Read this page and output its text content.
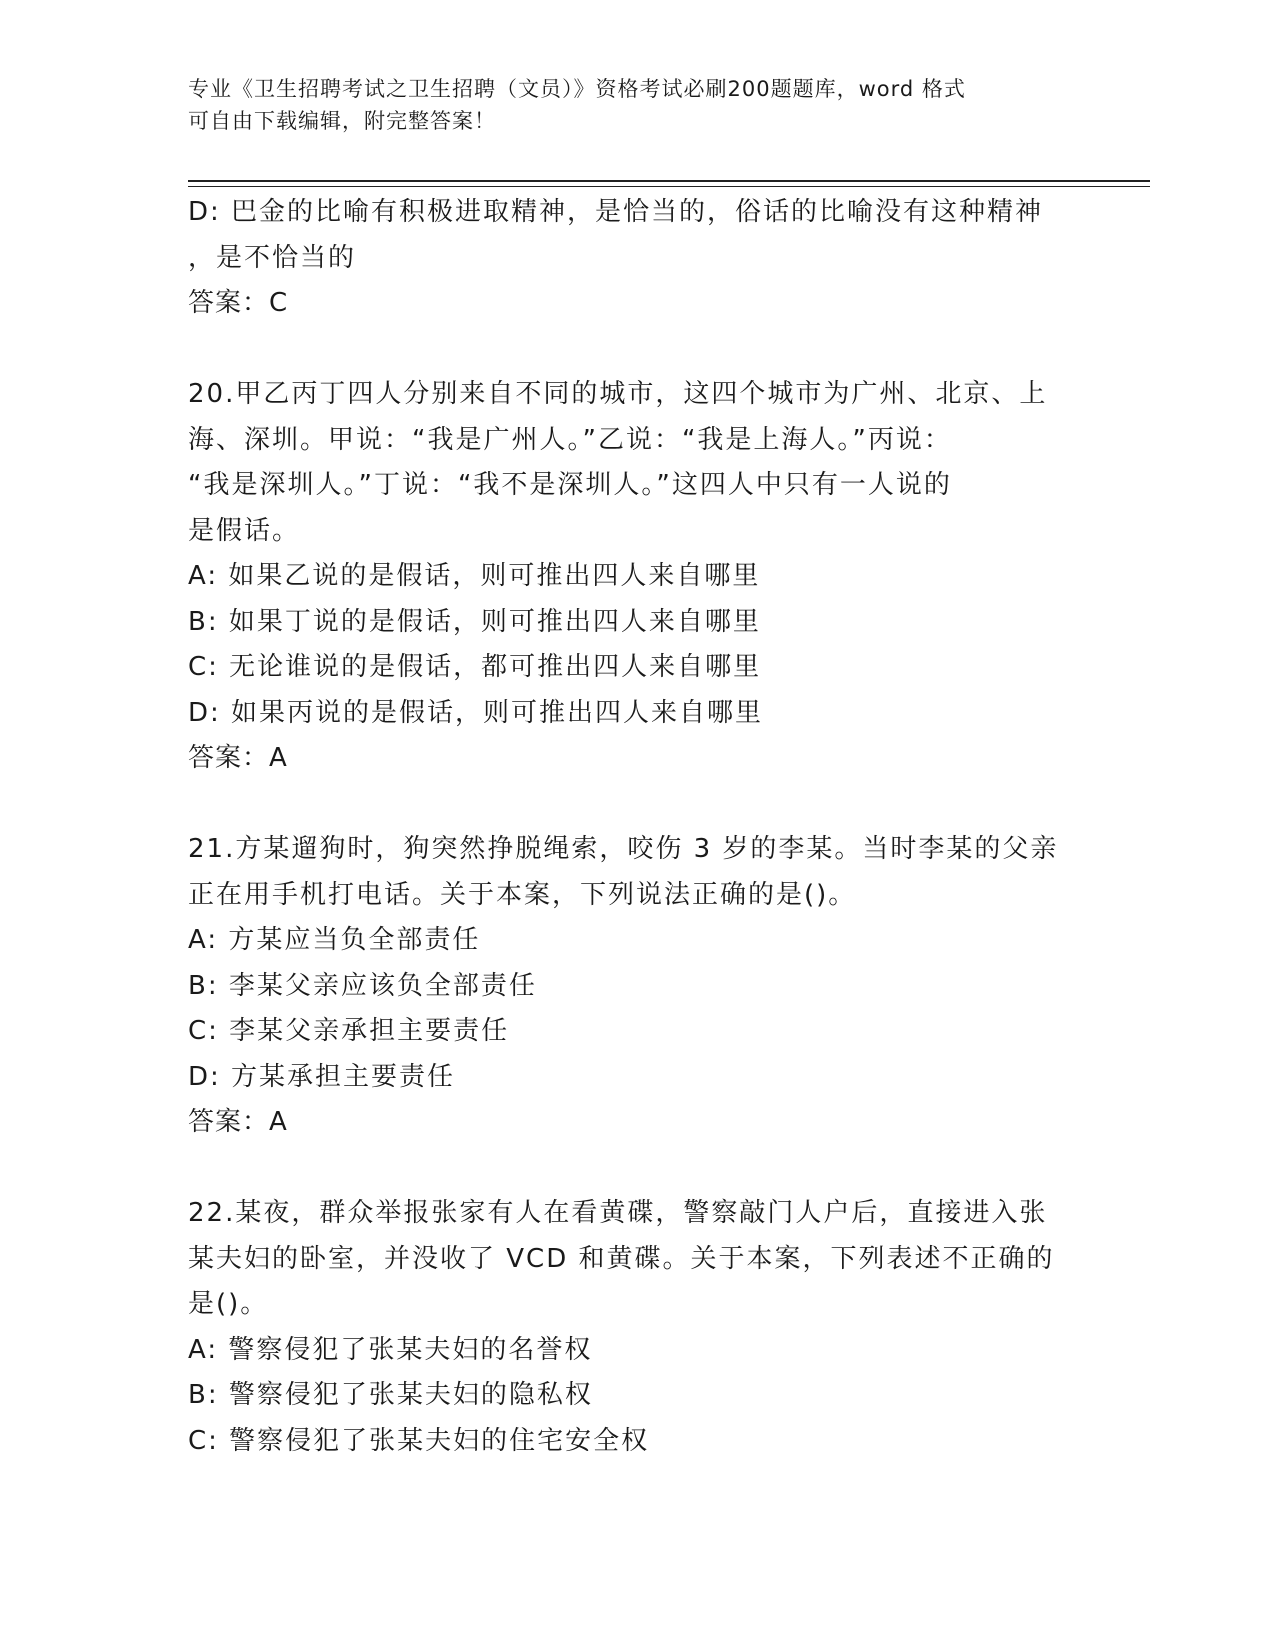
专业《卫生招聘考试之卫生招聘（文员）》资格考试必刷200题题库，word 格式
可自由下载编辑，附完整答案！
D: 巴金的比喻有积极进取精神，是恰当的，俗话的比喻没有这种精神
，是不恰当的
答案：C
20.甲乙丙丁四人分别来自不同的城市，这四个城市为广州、北京、上
海、深圳。甲说：“我是广州人。”乙说：“我是上海人。”丙说：
“我是深圳人。”丁说：“我不是深圳人。”这四人中只有一人说的
是假话。
A: 如果乙说的是假话，则可推出四人来自哪里
B: 如果丁说的是假话，则可推出四人来自哪里
C: 无论谁说的是假话，都可推出四人来自哪里
D: 如果丙说的是假话，则可推出四人来自哪里
答案：A
21.方某遛狗时，狗突然挣脱绳索，咬伤 3 岁的李某。当时李某的父亲
正在用手机打电话。关于本案，下列说法正确的是()。
A: 方某应当负全部责任
B: 李某父亲应该负全部责任
C: 李某父亲承担主要责任
D: 方某承担主要责任
答案：A
22.某夜，群众举报张家有人在看黄碟，警察敲门人户后，直接进入张
某夫妇的卧室，并没收了 VCD 和黄碟。关于本案，下列表述不正确的
是()。
A: 警察侵犯了张某夫妇的名誉权
B: 警察侵犯了张某夫妇的隐私权
C: 警察侵犯了张某夫妇的住宅安全权
